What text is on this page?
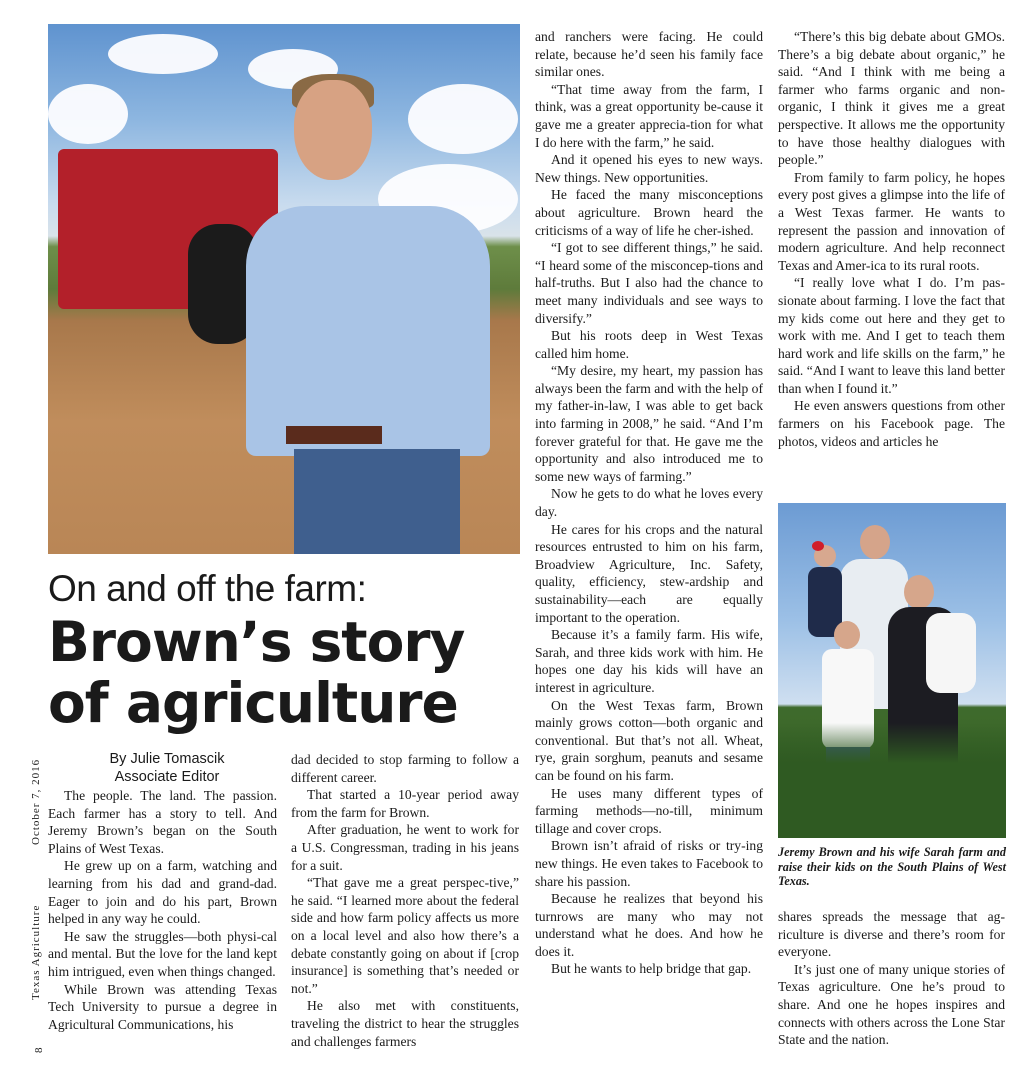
On and off the farm:
Brown’s story
of agriculture
By Julie Tomascik
Associate Editor
October 7, 2016
Texas Agriculture
8

The people. The land. The passion. Each farmer has a story to tell. And Jeremy Brown’s began on the South Plains of West Texas.

He grew up on a farm, watching and learning from his dad and grand-dad. Eager to join and do his part, Brown helped in any way he could.

He saw the struggles—both physi-cal and mental. But the love for the land kept him intrigued, even when things changed.

While Brown was attending Texas Tech University to pursue a degree in Agricultural Communications, his

dad decided to stop farming to follow a different career.

That started a 10-year period away from the farm for Brown.

After graduation, he went to work for a U.S. Congressman, trading in his jeans for a suit.

“That gave me a great perspec-tive,” he said. “I learned more about the federal side and how farm policy affects us more on a local level and also how there’s a debate constantly going on about if [crop insurance] is something that’s needed or not.”

He also met with constituents, traveling the district to hear the struggles and challenges farmers

and ranchers were facing. He could relate, because he’d seen his family face similar ones.

“That time away from the farm, I think, was a great opportunity be-cause it gave me a greater apprecia-tion for what I do here with the farm,” he said.

And it opened his eyes to new ways. New things. New opportunities.

He faced the many misconceptions about agriculture. Brown heard the criticisms of a way of life he cher-ished.

“I got to see different things,” he said. “I heard some of the misconcep-tions and half-truths. But I also had the chance to meet many individuals and see ways to diversify.”

But his roots deep in West Texas called him home.

“My desire, my heart, my passion has always been the farm and with the help of my father-in-law, I was able to get back into farming in 2008,” he said. “And I’m forever grateful for that. He gave me the opportunity and also introduced me to some new ways of farming.”

Now he gets to do what he loves every day.

He cares for his crops and the natural resources entrusted to him on his farm, Broadview Agriculture, Inc. Safety, quality, efficiency, stew-ardship and sustainability—each are equally important to the operation.

Because it’s a family farm. His wife, Sarah, and three kids work with him. He hopes one day his kids will have an interest in agriculture.

On the West Texas farm, Brown mainly grows cotton—both organic and conventional. But that’s not all. Wheat, rye, grain sorghum, peanuts and sesame can be found on his farm.

He uses many different types of farming methods—no-till, minimum tillage and cover crops.

Brown isn’t afraid of risks or try-ing new things. He even takes to Facebook to share his passion.

Because he realizes that beyond his turnrows are many who may not understand what he does. And how he does it.

But he wants to help bridge that gap.

“There’s this big debate about GMOs. There’s a big debate about organic,” he said. “And I think with me being a farmer who farms organic and non-organic, I think it gives me a great perspective. It allows me the opportunity to have those healthy dialogues with people.”

From family to farm policy, he hopes every post gives a glimpse into the life of a West Texas farmer. He wants to represent the passion and innovation of modern agriculture. And help reconnect Texas and Amer-ica to its rural roots.

“I really love what I do. I’m pas-sionate about farming. I love the fact that my kids come out here and they get to work with me. And I get to teach them hard work and life skills on the farm,” he said. “And I want to leave this land better than when I found it.”

He even answers questions from other farmers on his Facebook page. The photos, videos and articles he

Jeremy Brown and his wife Sarah farm and raise their kids on the South Plains of West Texas.

shares spreads the message that ag-riculture is diverse and there’s room for everyone.

It’s just one of many unique stories of Texas agriculture. One he’s proud to share. And one he hopes inspires and connects with others across the Lone Star State and the nation.
